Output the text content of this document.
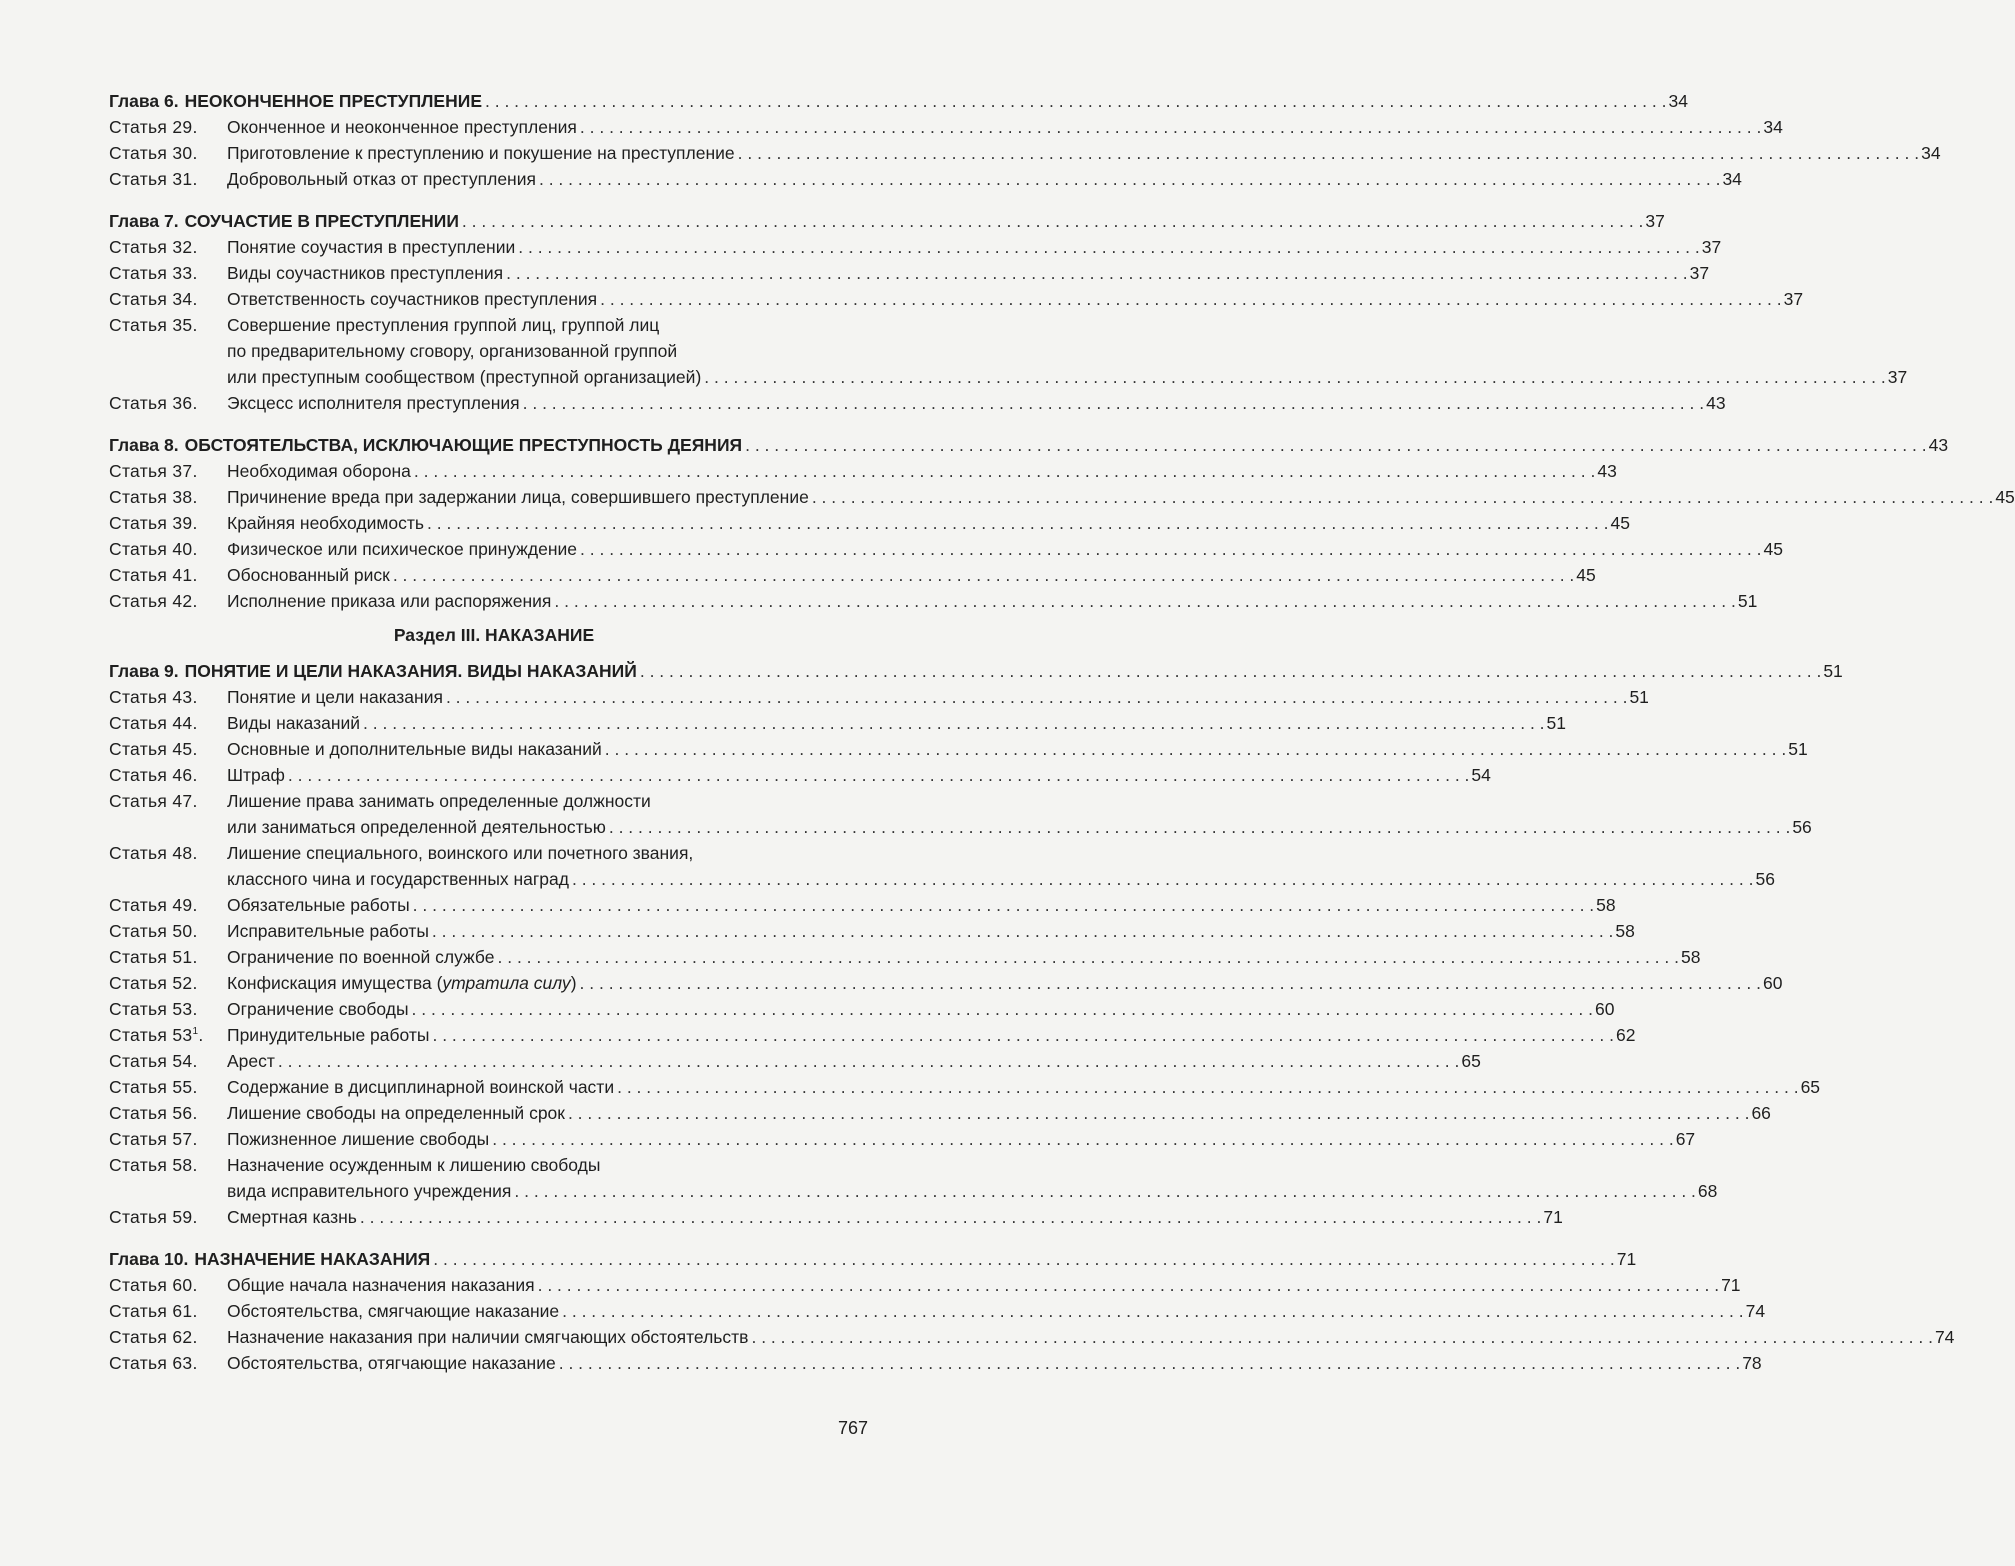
Глава 6. НЕОКОНЧЕННОЕ ПРЕСТУПЛЕНИЕ . . .	34
Статья 29.	Оконченное и неоконченное преступления . . .	34
Статья 30.	Приготовление к преступлению и покушение на преступление . . .	34
Статья 31.	Добровольный отказ от преступления . . .	34
Глава 7. СОУЧАСТИЕ В ПРЕСТУПЛЕНИИ . . .	37
Статья 32.	Понятие соучастия в преступлении . . .	37
Статья 33.	Виды соучастников преступления . . .	37
Статья 34.	Ответственность соучастников преступления . . .	37
Статья 35.	Совершение преступления группой лиц, группой лиц
по предварительному сговору, организованной группой
или преступным сообществом (преступной организацией) . . .	37
Статья 36.	Эксцесс исполнителя преступления . . .	43
Глава 8. ОБСТОЯТЕЛЬСТВА, ИСКЛЮЧАЮЩИЕ ПРЕСТУПНОСТЬ ДЕЯНИЯ . . .	43
Статья 37.	Необходимая оборона . . .	43
Статья 38.	Причинение вреда при задержании лица, совершившего преступление . . .	45
Статья 39.	Крайняя необходимость . . .	45
Статья 40.	Физическое или психическое принуждение . . .	45
Статья 41.	Обоснованный риск . . .	45
Статья 42.	Исполнение приказа или распоряжения . . .	51
Раздел III. НАКАЗАНИЕ
Глава 9. ПОНЯТИЕ И ЦЕЛИ НАКАЗАНИЯ. ВИДЫ НАКАЗАНИЙ . . .	51
Статья 43.	Понятие и цели наказания . . .	51
Статья 44.	Виды наказаний . . .	51
Статья 45.	Основные и дополнительные виды наказаний . . .	51
Статья 46.	Штраф . . .	54
Статья 47.	Лишение права занимать определенные должности
или заниматься определенной деятельностью . . .	56
Статья 48.	Лишение специального, воинского или почетного звания,
классного чина и государственных наград . . .	56
Статья 49.	Обязательные работы . . .	58
Статья 50.	Исправительные работы . . .	58
Статья 51.	Ограничение по военной службе . . .	58
Статья 52.	Конфискация имущества (утратила силу) . . .	60
Статья 53.	Ограничение свободы . . .	60
Статья $53^1$.	Принудительные работы . . .	62
Статья 54.	Арест . . .	65
Статья 55.	Содержание в дисциплинарной воинской части . . .	65
Статья 56.	Лишение свободы на определенный срок . . .	66
Статья 57.	Пожизненное лишение свободы . . .	67
Статья 58.	Назначение осужденным к лишению свободы
вида исправительного учреждения . . .	68
Статья 59.	Смертная казнь . . .	71
Глава 10. НАЗНАЧЕНИЕ НАКАЗАНИЯ . . .	71
Статья 60.	Общие начала назначения наказания . . .	71
Статья 61.	Обстоятельства, смягчающие наказание . . .	74
Статья 62.	Назначение наказания при наличии смягчающих обстоятельств . . .	74
Статья 63.	Обстоятельства, отягчающие наказание . . .	78
767
